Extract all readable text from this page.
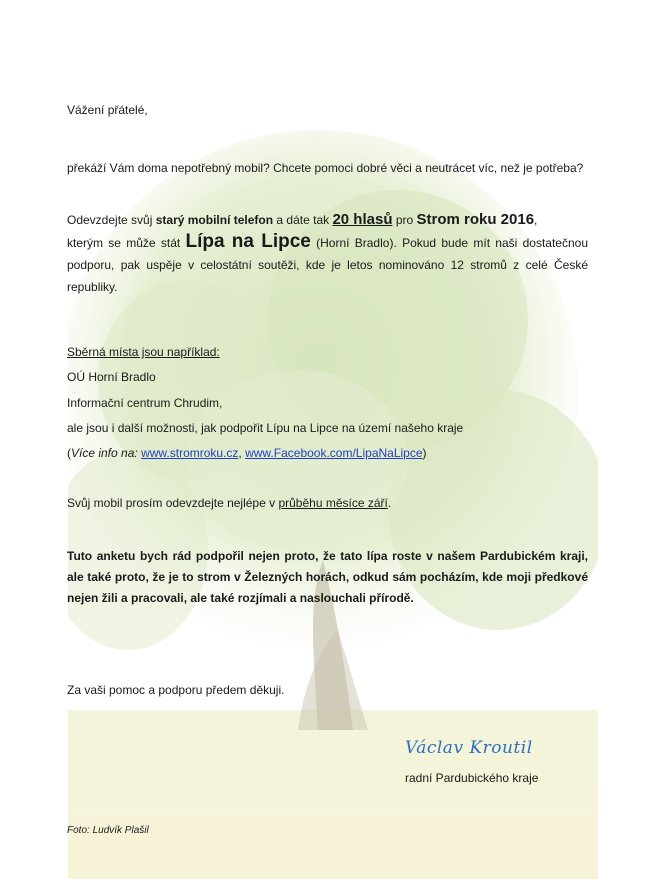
Vážení přátelé,

překáží Vám doma nepotřebný mobil? Chcete pomoci dobré věci a neutrácet víc, než je potřeba?

Odevzdejte svůj starý mobilní telefon a dáte tak 20 hlasů pro Strom roku 2016,
kterým se může stát Lípa na Lipce (Horní Bradlo). Pokud bude mít naši dostatečnou podporu, pak uspěje v celostátní soutěži, kde je letos nominováno 12 stromů z celé České republiky.

Sběrná místa jsou například:

OÚ Horní Bradlo

Informační centrum Chrudim,

ale jsou i další možnosti, jak podpořit Lípu na Lipce na území našeho kraje

(Více info na: www.stromroku.cz, www.Facebook.com/LipaNaLipce)

Svůj mobil prosím odevzdejte nejlépe v průběhu měsíce září.

Tuto anketu bych rád podpořil nejen proto, že tato lípa roste v našem Pardubickém kraji, ale také proto, že je to strom v Železných horách, odkud sám pocházím, kde moji předkové nejen žili a pracovali, ale také rozjímali a naslouchali přírodě.

Za vaši pomoc a podporu předem děkuji.

Václav Kroutil
radní Pardubického kraje
Foto: Ludvík Plašil
